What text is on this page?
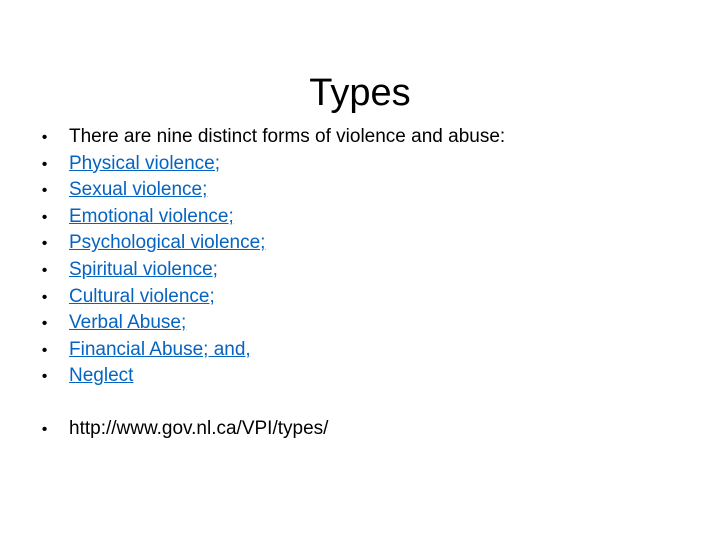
Types
•	There are nine distinct forms of violence and abuse:
•	Physical violence;
•	Sexual violence;
•	Emotional violence;
•	Psychological violence;
•	Spiritual violence;
•	Cultural violence;
•	Verbal Abuse;
•	Financial Abuse; and,
•	Neglect
•	http://www.gov.nl.ca/VPI/types/
